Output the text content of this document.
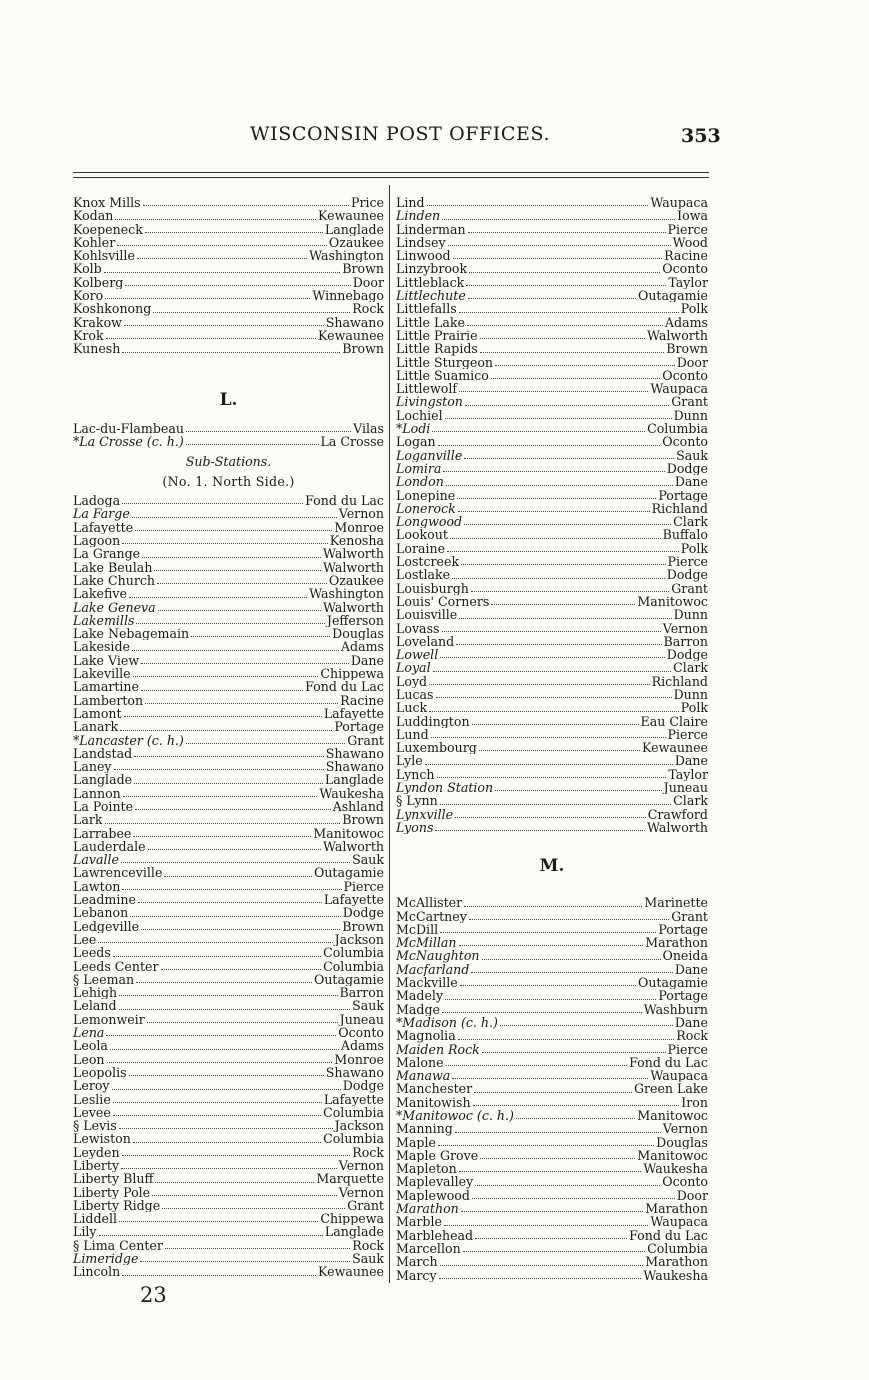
WISCONSIN POST OFFICES.	353
Knox Mills	Price
Kodan	Kewaunee
Koepeneck	Langlade
Kohler	Ozaukee
Kohlsville	Washington
Kolb	Brown
Kolberg	Door
Koro	Winnebago
Koshkonong	Rock
Krakow	Shawano
Krok	Kewaunee
Kunesh	Brown
L.
Lac-du-Flambeau	Vilas
*La Crosse (c. h.)	La Crosse
Sub-Stations.
(No. 1. North Side.)
Ladoga	Fond du Lac
La Farge	Vernon
Lafayette	Monroe
Lagoon	Kenosha
La Grange	Walworth
Lake Beulah	Walworth
Lake Church	Ozaukee
Lakefive	Washington
Lake Geneva	Walworth
Lakemills	Jefferson
Lake Nebagemain	Douglas
Lakeside	Adams
Lake View	Dane
Lakeville	Chippewa
Lamartine	Fond du Lac
Lamberton	Racine
Lamont	Lafayette
Lanark	Portage
*Lancaster (c. h.)	Grant
Landstad	Shawano
Laney	Shawano
Langlade	Langlade
Lannon	Waukesha
La Pointe	Ashland
Lark	Brown
Larrabee	Manitowoc
Lauderdale	Walworth
Lavalle	Sauk
Lawrenceville	Outagamie
Lawton	Pierce
Leadmine	Lafayette
Lebanon	Dodge
Ledgeville	Brown
Lee	Jackson
Leeds	Columbia
Leeds Center	Columbia
§ Leeman	Outagamie
Lehigh	Barron
Leland	Sauk
Lemonweir	Juneau
Lena	Oconto
Leola	Adams
Leon	Monroe
Leopolis	Shawano
Leroy	Dodge
Leslie	Lafayette
Levee	Columbia
§ Levis	Jackson
Lewiston	Columbia
Leyden	Rock
Liberty	Vernon
Liberty Bluff	Marquette
Liberty Pole	Vernon
Liberty Ridge	Grant
Liddell	Chippewa
Lily	Langlade
§ Lima Center	Rock
Limeridge	Sauk
Lincoln	Kewaunee
Lind	Waupaca
Linden	Iowa
Linderman	Pierce
Lindsey	Wood
Linwood	Racine
Linzybrook	Oconto
Littleblack	Taylor
Littlechute	Outagamie
Littlefalls	Polk
Little Lake	Adams
Little Prairie	Walworth
Little Rapids	Brown
Little Sturgeon	Door
Little Suamico	Oconto
Littlewolf	Waupaca
Livingston	Grant
Lochiel	Dunn
*Lodi	Columbia
Logan	Oconto
Loganville	Sauk
Lomira	Dodge
London	Dane
Lonepine	Portage
Lonerock	Richland
Longwood	Clark
Lookout	Buffalo
Loraine	Polk
Lostcreek	Pierce
Lostlake	Dodge
Louisburgh	Grant
Louis' Corners	Manitowoc
Louisville	Dunn
Lovass	Vernon
Loveland	Barron
Lowell	Dodge
Loyal	Clark
Loyd	Richland
Lucas	Dunn
Luck	Polk
Luddington	Eau Claire
Lund	Pierce
Luxembourg	Kewaunee
Lyle	Dane
Lynch	Taylor
Lyndon Station	Juneau
§ Lynn	Clark
Lynxville	Crawford
Lyons	Walworth
M.
McAllister	Marinette
McCartney	Grant
McDill	Portage
McMillan	Marathon
McNaughton	Oneida
Macfarland	Dane
Mackville	Outagamie
Madely	Portage
Madge	Washburn
*Madison (c. h.)	Dane
Magnolia	Rock
Maiden Rock	Pierce
Malone	Fond du Lac
Manawa	Waupaca
Manchester	Green Lake
Manitowish	Iron
*Manitowoc (c. h.)	Manitowoc
Manning	Vernon
Maple	Douglas
Maple Grove	Manitowoc
Mapleton	Waukesha
Maplevalley	Oconto
Maplewood	Door
Marathon	Marathon
Marble	Waupaca
Marblehead	Fond du Lac
Marcellon	Columbia
March	Marathon
Marcy	Waukesha
23
